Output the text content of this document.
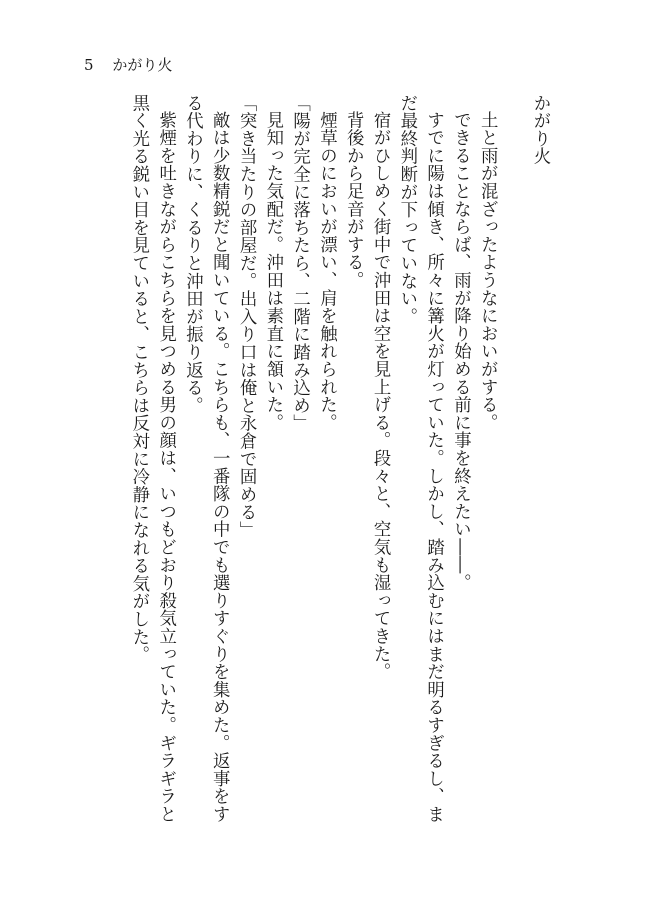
5 かがり火
かがり火

土と雨が混ざったようなにおいがする。

できることならば、雨が降り始める前に事を終えたい――。

すでに陽は傾き、所々に篝火が灯っていた。しかし、踏み込むにはまだ明るすぎるし、ま

だ最終判断が下っていない。

宿がひしめく街中で沖田は空を見上げる。段々と、空気も湿ってきた。

背後から足音がする。

煙草のにおいが漂い、肩を触れられた。

「陽が完全に落ちたら、二階に踏み込め」

見知った気配だ。沖田は素直に頷いた。

「突き当たりの部屋だ。出入り口は俺と永倉で固める」

敵は少数精鋭だと聞いている。こちらも、一番隊の中でも選りすぐりを集めた。返事をす

る代わりに、くるりと沖田が振り返る。

紫煙を吐きながらこちらを見つめる男の顔は、いつもどおり殺気立っていた。ギラギラと

黒く光る鋭い目を見ていると、こちらは反対に冷静になれる気がした。
